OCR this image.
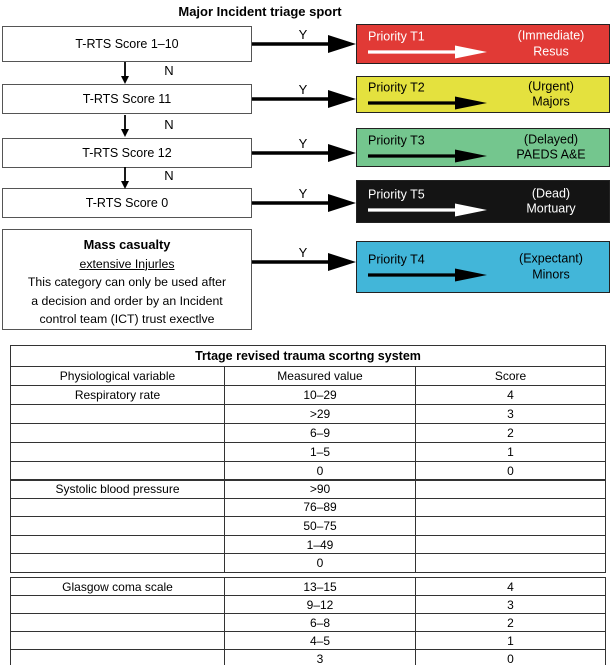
Major Incident triage sport
T-RTS Score 1–10
T-RTS Score 11
T-RTS Score 12
T-RTS Score 0
Mass casualty
extensive Injurles
This category can only be used after
a decision and order by an Incident
control team (ICT) trust exectlve
N
N
N
Y
Y
Y
Y
Y
Priority T1	(Immediate)
Resus
Priority T2	(Urgent)
Majors
Priority T3	(Delayed)
PAEDS A&E
Priority T5	(Dead)
Mortuary
Priority T4	(Expectant)
Minors
Trtage revised trauma scortng system		
Physiological variable	Measured value	Score
Respiratory rate	10–29	4
	>29	3
	6–9	2
	1–5	1
	0	0
Systolic blood pressure	>90	
	76–89	
	50–75	
	1–49	
	0	
Glasgow coma scale	13–15	4
	9–12	3
	6–8	2
	4–5	1
	3	0
